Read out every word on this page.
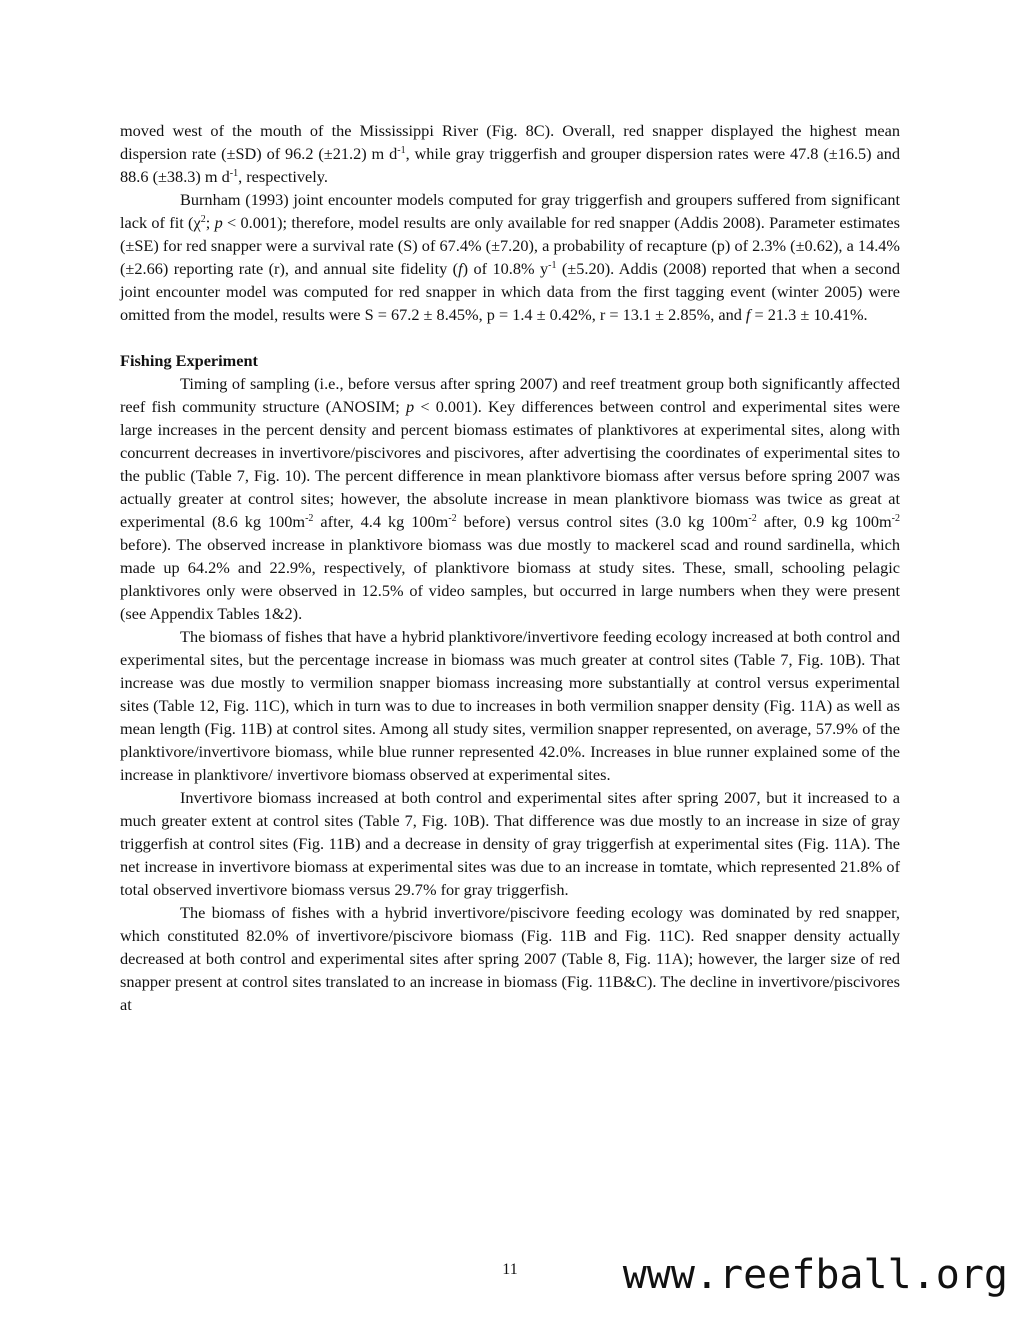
moved west of the mouth of the Mississippi River (Fig. 8C). Overall, red snapper displayed the highest mean dispersion rate (±SD) of 96.2 (±21.2) m $d^{-1}$, while gray triggerfish and grouper dispersion rates were 47.8 (±16.5) and 88.6 (±38.3) m $d^{-1}$, respectively.

Burnham (1993) joint encounter models computed for gray triggerfish and groupers suffered from significant lack of fit ($\chi^2$; p < 0.001); therefore, model results are only available for red snapper (Addis 2008). Parameter estimates (±SE) for red snapper were a survival rate (S) of 67.4% (±7.20), a probability of recapture (p) of 2.3% (±0.62), a 14.4% (±2.66) reporting rate (r), and annual site fidelity (f) of 10.8% $y^{-1}$ (±5.20). Addis (2008) reported that when a second joint encounter model was computed for red snapper in which data from the first tagging event (winter 2005) were omitted from the model, results were S = 67.2 ± 8.45%, p = 1.4 ± 0.42%, r = 13.1 ± 2.85%, and f = 21.3 ± 10.41%.

Fishing Experiment

Timing of sampling (i.e., before versus after spring 2007) and reef treatment group both significantly affected reef fish community structure (ANOSIM; p < 0.001). Key differences between control and experimental sites were large increases in the percent density and percent biomass estimates of planktivores at experimental sites, along with concurrent decreases in invertivore/piscivores and piscivores, after advertising the coordinates of experimental sites to the public (Table 7, Fig. 10). The percent difference in mean planktivore biomass after versus before spring 2007 was actually greater at control sites; however, the absolute increase in mean planktivore biomass was twice as great at experimental (8.6 kg $100m^{-2}$ after, 4.4 kg $100m^{-2}$ before) versus control sites (3.0 kg $100m^{-2}$ after, 0.9 kg $100m^{-2}$ before). The observed increase in planktivore biomass was due mostly to mackerel scad and round sardinella, which made up 64.2% and 22.9%, respectively, of planktivore biomass at study sites. These, small, schooling pelagic planktivores only were observed in 12.5% of video samples, but occurred in large numbers when they were present (see Appendix Tables 1&2).

The biomass of fishes that have a hybrid planktivore/invertivore feeding ecology increased at both control and experimental sites, but the percentage increase in biomass was much greater at control sites (Table 7, Fig. 10B). That increase was due mostly to vermilion snapper biomass increasing more substantially at control versus experimental sites (Table 12, Fig. 11C), which in turn was to due to increases in both vermilion snapper density (Fig. 11A) as well as mean length (Fig. 11B) at control sites. Among all study sites, vermilion snapper represented, on average, 57.9% of the planktivore/invertivore biomass, while blue runner represented 42.0%. Increases in blue runner explained some of the increase in planktivore/ invertivore biomass observed at experimental sites.

Invertivore biomass increased at both control and experimental sites after spring 2007, but it increased to a much greater extent at control sites (Table 7, Fig. 10B). That difference was due mostly to an increase in size of gray triggerfish at control sites (Fig. 11B) and a decrease in density of gray triggerfish at experimental sites (Fig. 11A). The net increase in invertivore biomass at experimental sites was due to an increase in tomtate, which represented 21.8% of total observed invertivore biomass versus 29.7% for gray triggerfish.

The biomass of fishes with a hybrid invertivore/piscivore feeding ecology was dominated by red snapper, which constituted 82.0% of invertivore/piscivore biomass (Fig. 11B and Fig. 11C). Red snapper density actually decreased at both control and experimental sites after spring 2007 (Table 8, Fig. 11A); however, the larger size of red snapper present at control sites translated to an increase in biomass (Fig. 11B&C). The decline in invertivore/piscivores at

11	www.reefball.org
